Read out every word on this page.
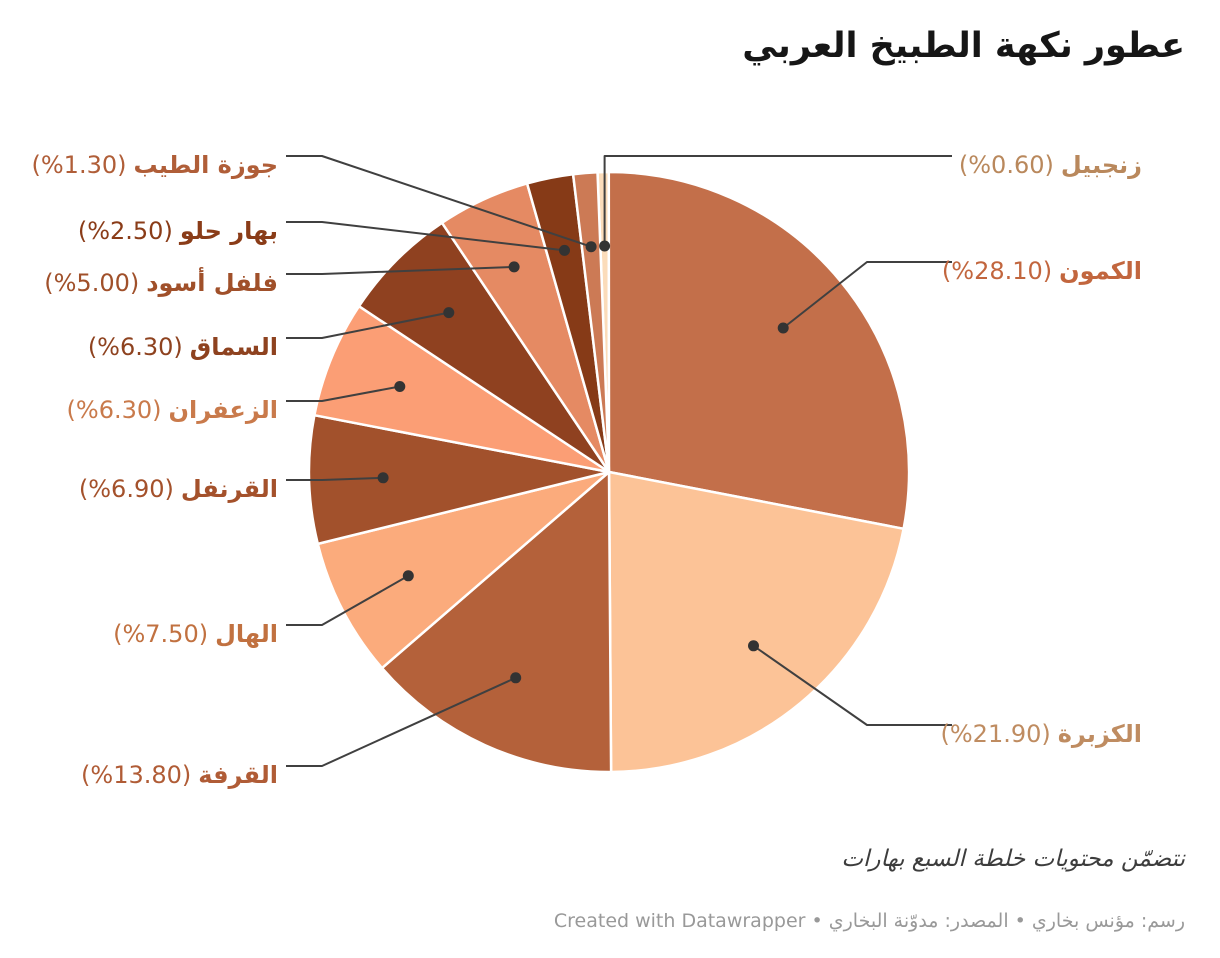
عطور نكهة الطبيخ العربي
زنجبيل(%0.60)
الكمون(%28.10)
الكزبرة(%21.90)
القرفة(%13.80)
الهال(%7.50)
القرنفل(%6.90)
الزعفران(%6.30)
السماق(%6.30)
فلفل أسود(%5.00)
بهار حلو(%2.50)
جوزة الطيب(%1.30)
نتضمّن محتويات خلطة السبع بهارات
رسم: مؤنس بخاري • المصدر: مدوّنة البخاري • Created with Datawrapper
